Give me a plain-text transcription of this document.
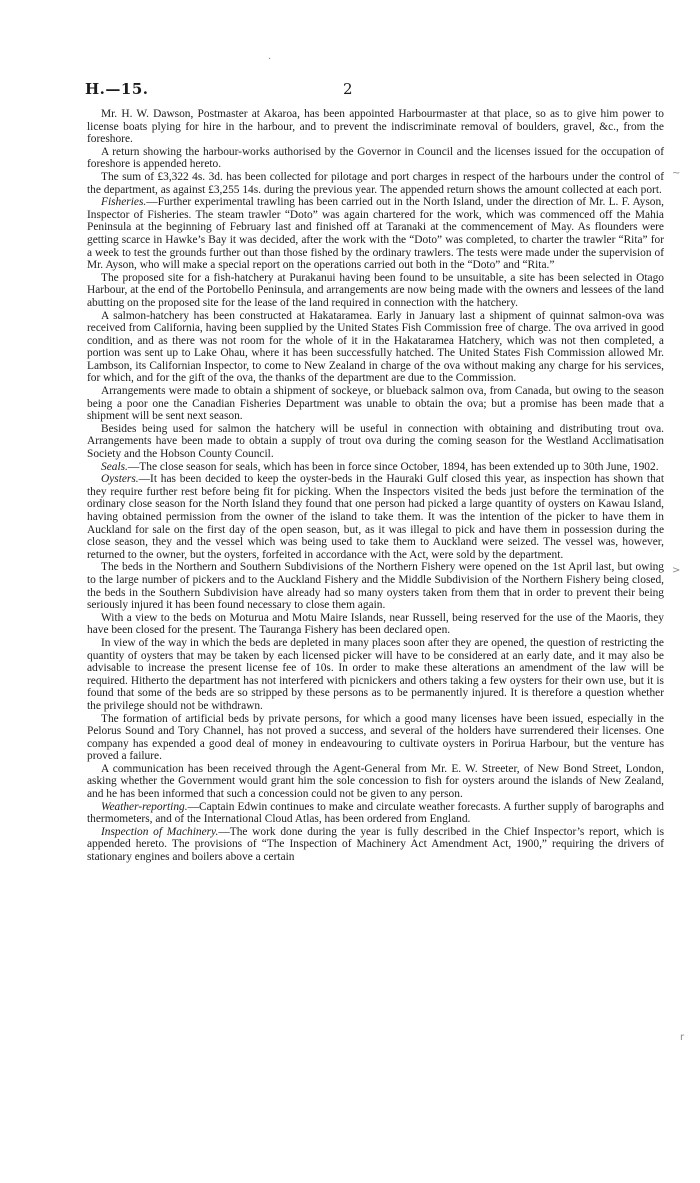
H.—15.	2
·
~
>
r

Mr. H. W. Dawson, Postmaster at Akaroa, has been appointed Harbourmaster at that place, so as to give him power to license boats plying for hire in the harbour, and to prevent the indiscriminate removal of boulders, gravel, &c., from the foreshore.

A return showing the harbour-works authorised by the Governor in Council and the licenses issued for the occupation of foreshore is appended hereto.

The sum of £3,322 4s. 3d. has been collected for pilotage and port charges in respect of the harbours under the control of the department, as against £3,255 14s. during the previous year. The appended return shows the amount collected at each port.

Fisheries.—Further experimental trawling has been carried out in the North Island, under the direction of Mr. L. F. Ayson, Inspector of Fisheries. The steam trawler “Doto” was again chartered for the work, which was commenced off the Mahia Peninsula at the beginning of February last and finished off at Taranaki at the commencement of May. As flounders were getting scarce in Hawke’s Bay it was decided, after the work with the “Doto” was completed, to charter the trawler “Rita” for a week to test the grounds further out than those fished by the ordinary trawlers. The tests were made under the supervision of Mr. Ayson, who will make a special report on the operations carried out both in the “Doto” and “Rita.”

The proposed site for a fish-hatchery at Purakanui having been found to be unsuitable, a site has been selected in Otago Harbour, at the end of the Portobello Peninsula, and arrangements are now being made with the owners and lessees of the land abutting on the proposed site for the lease of the land required in connection with the hatchery.

A salmon-hatchery has been constructed at Hakataramea. Early in January last a shipment of quinnat salmon-ova was received from California, having been supplied by the United States Fish Commission free of charge. The ova arrived in good condition, and as there was not room for the whole of it in the Hakataramea Hatchery, which was not then completed, a portion was sent up to Lake Ohau, where it has been successfully hatched. The United States Fish Commission allowed Mr. Lambson, its Californian Inspector, to come to New Zealand in charge of the ova without making any charge for his services, for which, and for the gift of the ova, the thanks of the department are due to the Commission.

Arrangements were made to obtain a shipment of sockeye, or blueback salmon ova, from Canada, but owing to the season being a poor one the Canadian Fisheries Department was unable to obtain the ova; but a promise has been made that a shipment will be sent next season.

Besides being used for salmon the hatchery will be useful in connection with obtaining and distributing trout ova. Arrangements have been made to obtain a supply of trout ova during the coming season for the Westland Acclimatisation Society and the Hobson County Council.

Seals.—The close season for seals, which has been in force since October, 1894, has been extended up to 30th June, 1902.

Oysters.—It has been decided to keep the oyster-beds in the Hauraki Gulf closed this year, as inspection has shown that they require further rest before being fit for picking. When the Inspectors visited the beds just before the termination of the ordinary close season for the North Island they found that one person had picked a large quantity of oysters on Kawau Island, having obtained permission from the owner of the island to take them. It was the intention of the picker to have them in Auckland for sale on the first day of the open season, but, as it was illegal to pick and have them in possession during the close season, they and the vessel which was being used to take them to Auckland were seized. The vessel was, however, returned to the owner, but the oysters, forfeited in accordance with the Act, were sold by the department.

The beds in the Northern and Southern Subdivisions of the Northern Fishery were opened on the 1st April last, but owing to the large number of pickers and to the Auckland Fishery and the Middle Subdivision of the Northern Fishery being closed, the beds in the Southern Subdivision have already had so many oysters taken from them that in order to prevent their being seriously injured it has been found necessary to close them again.

With a view to the beds on Moturua and Motu Maire Islands, near Russell, being reserved for the use of the Maoris, they have been closed for the present. The Tauranga Fishery has been declared open.

In view of the way in which the beds are depleted in many places soon after they are opened, the question of restricting the quantity of oysters that may be taken by each licensed picker will have to be considered at an early date, and it may also be advisable to increase the present license fee of 10s. In order to make these alterations an amendment of the law will be required. Hitherto the department has not interfered with picnickers and others taking a few oysters for their own use, but it is found that some of the beds are so stripped by these persons as to be permanently injured. It is therefore a question whether the privilege should not be withdrawn.

The formation of artificial beds by private persons, for which a good many licenses have been issued, especially in the Pelorus Sound and Tory Channel, has not proved a success, and several of the holders have surrendered their licenses. One company has expended a good deal of money in endeavouring to cultivate oysters in Porirua Harbour, but the venture has proved a failure.

A communication has been received through the Agent-General from Mr. E. W. Streeter, of New Bond Street, London, asking whether the Government would grant him the sole concession to fish for oysters around the islands of New Zealand, and he has been informed that such a concession could not be given to any person.

Weather-reporting.—Captain Edwin continues to make and circulate weather forecasts. A further supply of barographs and thermometers, and of the International Cloud Atlas, has been ordered from England.

Inspection of Machinery.—The work done during the year is fully described in the Chief Inspector’s report, which is appended hereto. The provisions of “The Inspection of Machinery Act Amendment Act, 1900,” requiring the drivers of stationary engines and boilers above a certain
